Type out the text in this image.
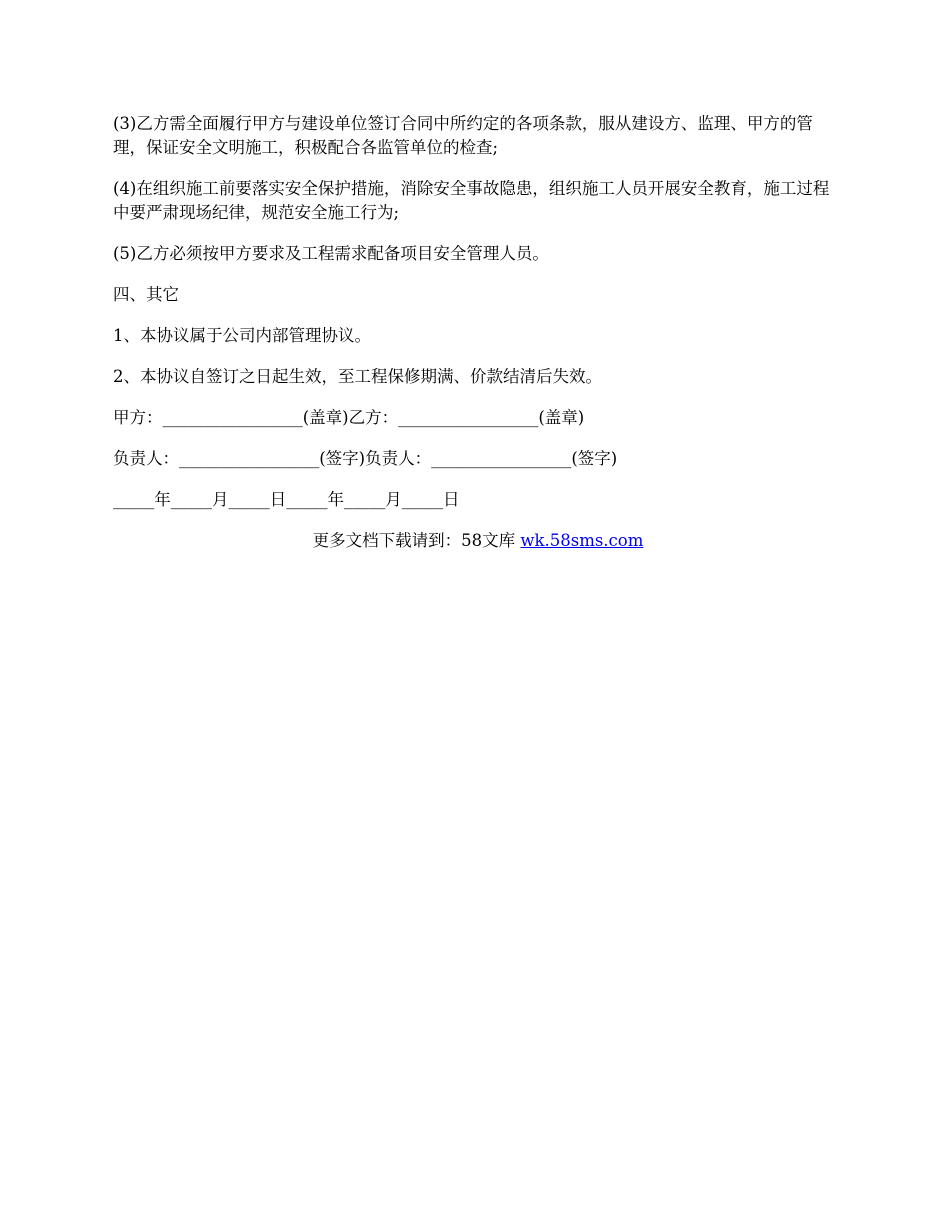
(3)乙方需全面履行甲方与建设单位签订合同中所约定的各项条款，服从建设方、监理、甲方的管理，保证安全文明施工，积极配合各监管单位的检查;

(4)在组织施工前要落实安全保护措施，消除安全事故隐患，组织施工人员开展安全教育，施工过程中要严肃现场纪律，规范安全施工行为;

(5)乙方必须按甲方要求及工程需求配备项目安全管理人员。

四、其它

1、本协议属于公司内部管理协议。

2、本协议自签订之日起生效，至工程保修期满、价款结清后失效。

甲方：_________________(盖章)乙方：_________________(盖章)

负责人：_________________(签字)负责人：_________________(签字)

_____年_____月_____日_____年_____月_____日

更多文档下载请到：58文库 wk.58sms.com
